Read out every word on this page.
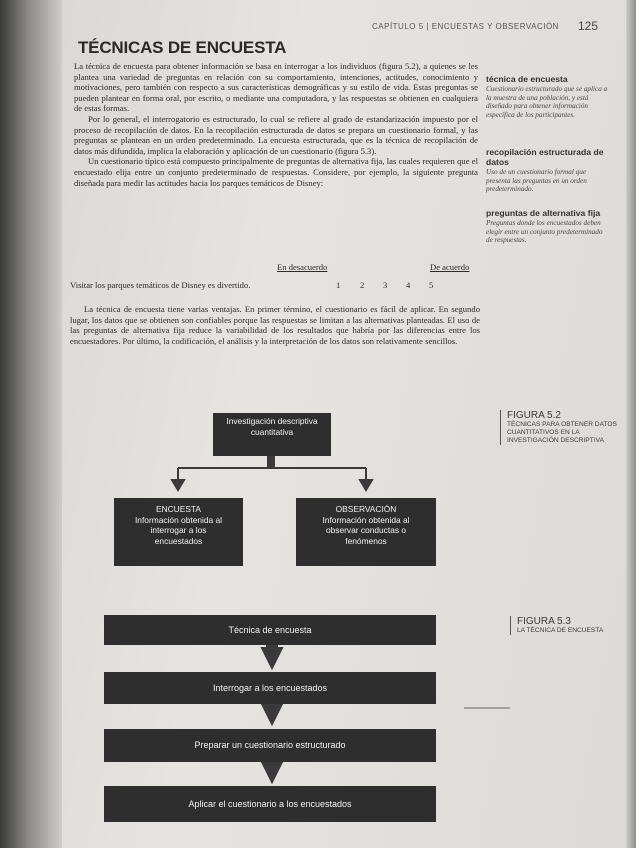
CAPÍTULO 5 | ENCUESTAS Y OBSERVACIÓN 125
TÉCNICAS DE ENCUESTA

La técnica de encuesta para obtener información se basa en interrogar a los individuos (figura 5.2), a quienes se les plantea una variedad de preguntas en relación con su comportamiento, intenciones, actitudes, conocimiento y motivaciones, pero también con respecto a sus características demográficas y su estilo de vida. Estas preguntas se pueden plantear en forma oral, por escrito, o mediante una computadora, y las respuestas se obtienen en cualquiera de estas formas.

Por lo general, el interrogatorio es estructurado, lo cual se refiere al grado de estandarización impuesto por el proceso de recopilación de datos. En la recopilación estructurada de datos se prepara un cuestionario formal, y las preguntas se plantean en un orden predeterminado. La encuesta estructurada, que es la técnica de recopilación de datos más difundida, implica la elaboración y aplicación de un cuestionario (figura 5.3).

Un cuestionario típico está compuesto principalmente de preguntas de alternativa fija, las cuales requieren que el encuestado elija entre un conjunto predeterminado de respuestas. Considere, por ejemplo, la siguiente pregunta diseñada para medir las actitudes hacia los parques temáticos de Disney:

En desacuerdo	De acuerdo
Visitar los parques temáticos de Disney es divertido.	1 2 3 4 5

La técnica de encuesta tiene varias ventajas. En primer término, el cuestionario es fácil de aplicar. En segundo lugar, los datos que se obtienen son confiables porque las respuestas se limitan a las alternativas planteadas. El uso de las preguntas de alternativa fija reduce la variabilidad de los resultados que habría por las diferencias entre los encuestadores. Por último, la codificación, el análisis y la interpretación de los datos son relativamente sencillos.

técnica de encuesta
Cuestionario estructurado que se aplica a la muestra de una población, y está diseñado para obtener información específica de los participantes.
recopilación estructurada de datos
Uso de un cuestionario formal que presenta las preguntas en un orden predeterminado.
preguntas de alternativa fija
Preguntas donde los encuestados deben elegir entre un conjunto predeterminado de respuestas.
Investigación descriptiva cuantitativa
ENCUESTA
Información obtenida al interrogar a los encuestados
OBSERVACIÓN
Información obtenida al observar conductas o fenómenos
FIGURA 5.2
TÉCNICAS PARA OBTENER DATOS CUANTITATIVOS EN LA INVESTIGACIÓN DESCRIPTIVA
Técnica de encuesta
Interrogar a los encuestados
Preparar un cuestionario estructurado
Aplicar el cuestionario a los encuestados
FIGURA 5.3
LA TÉCNICA DE ENCUESTA
